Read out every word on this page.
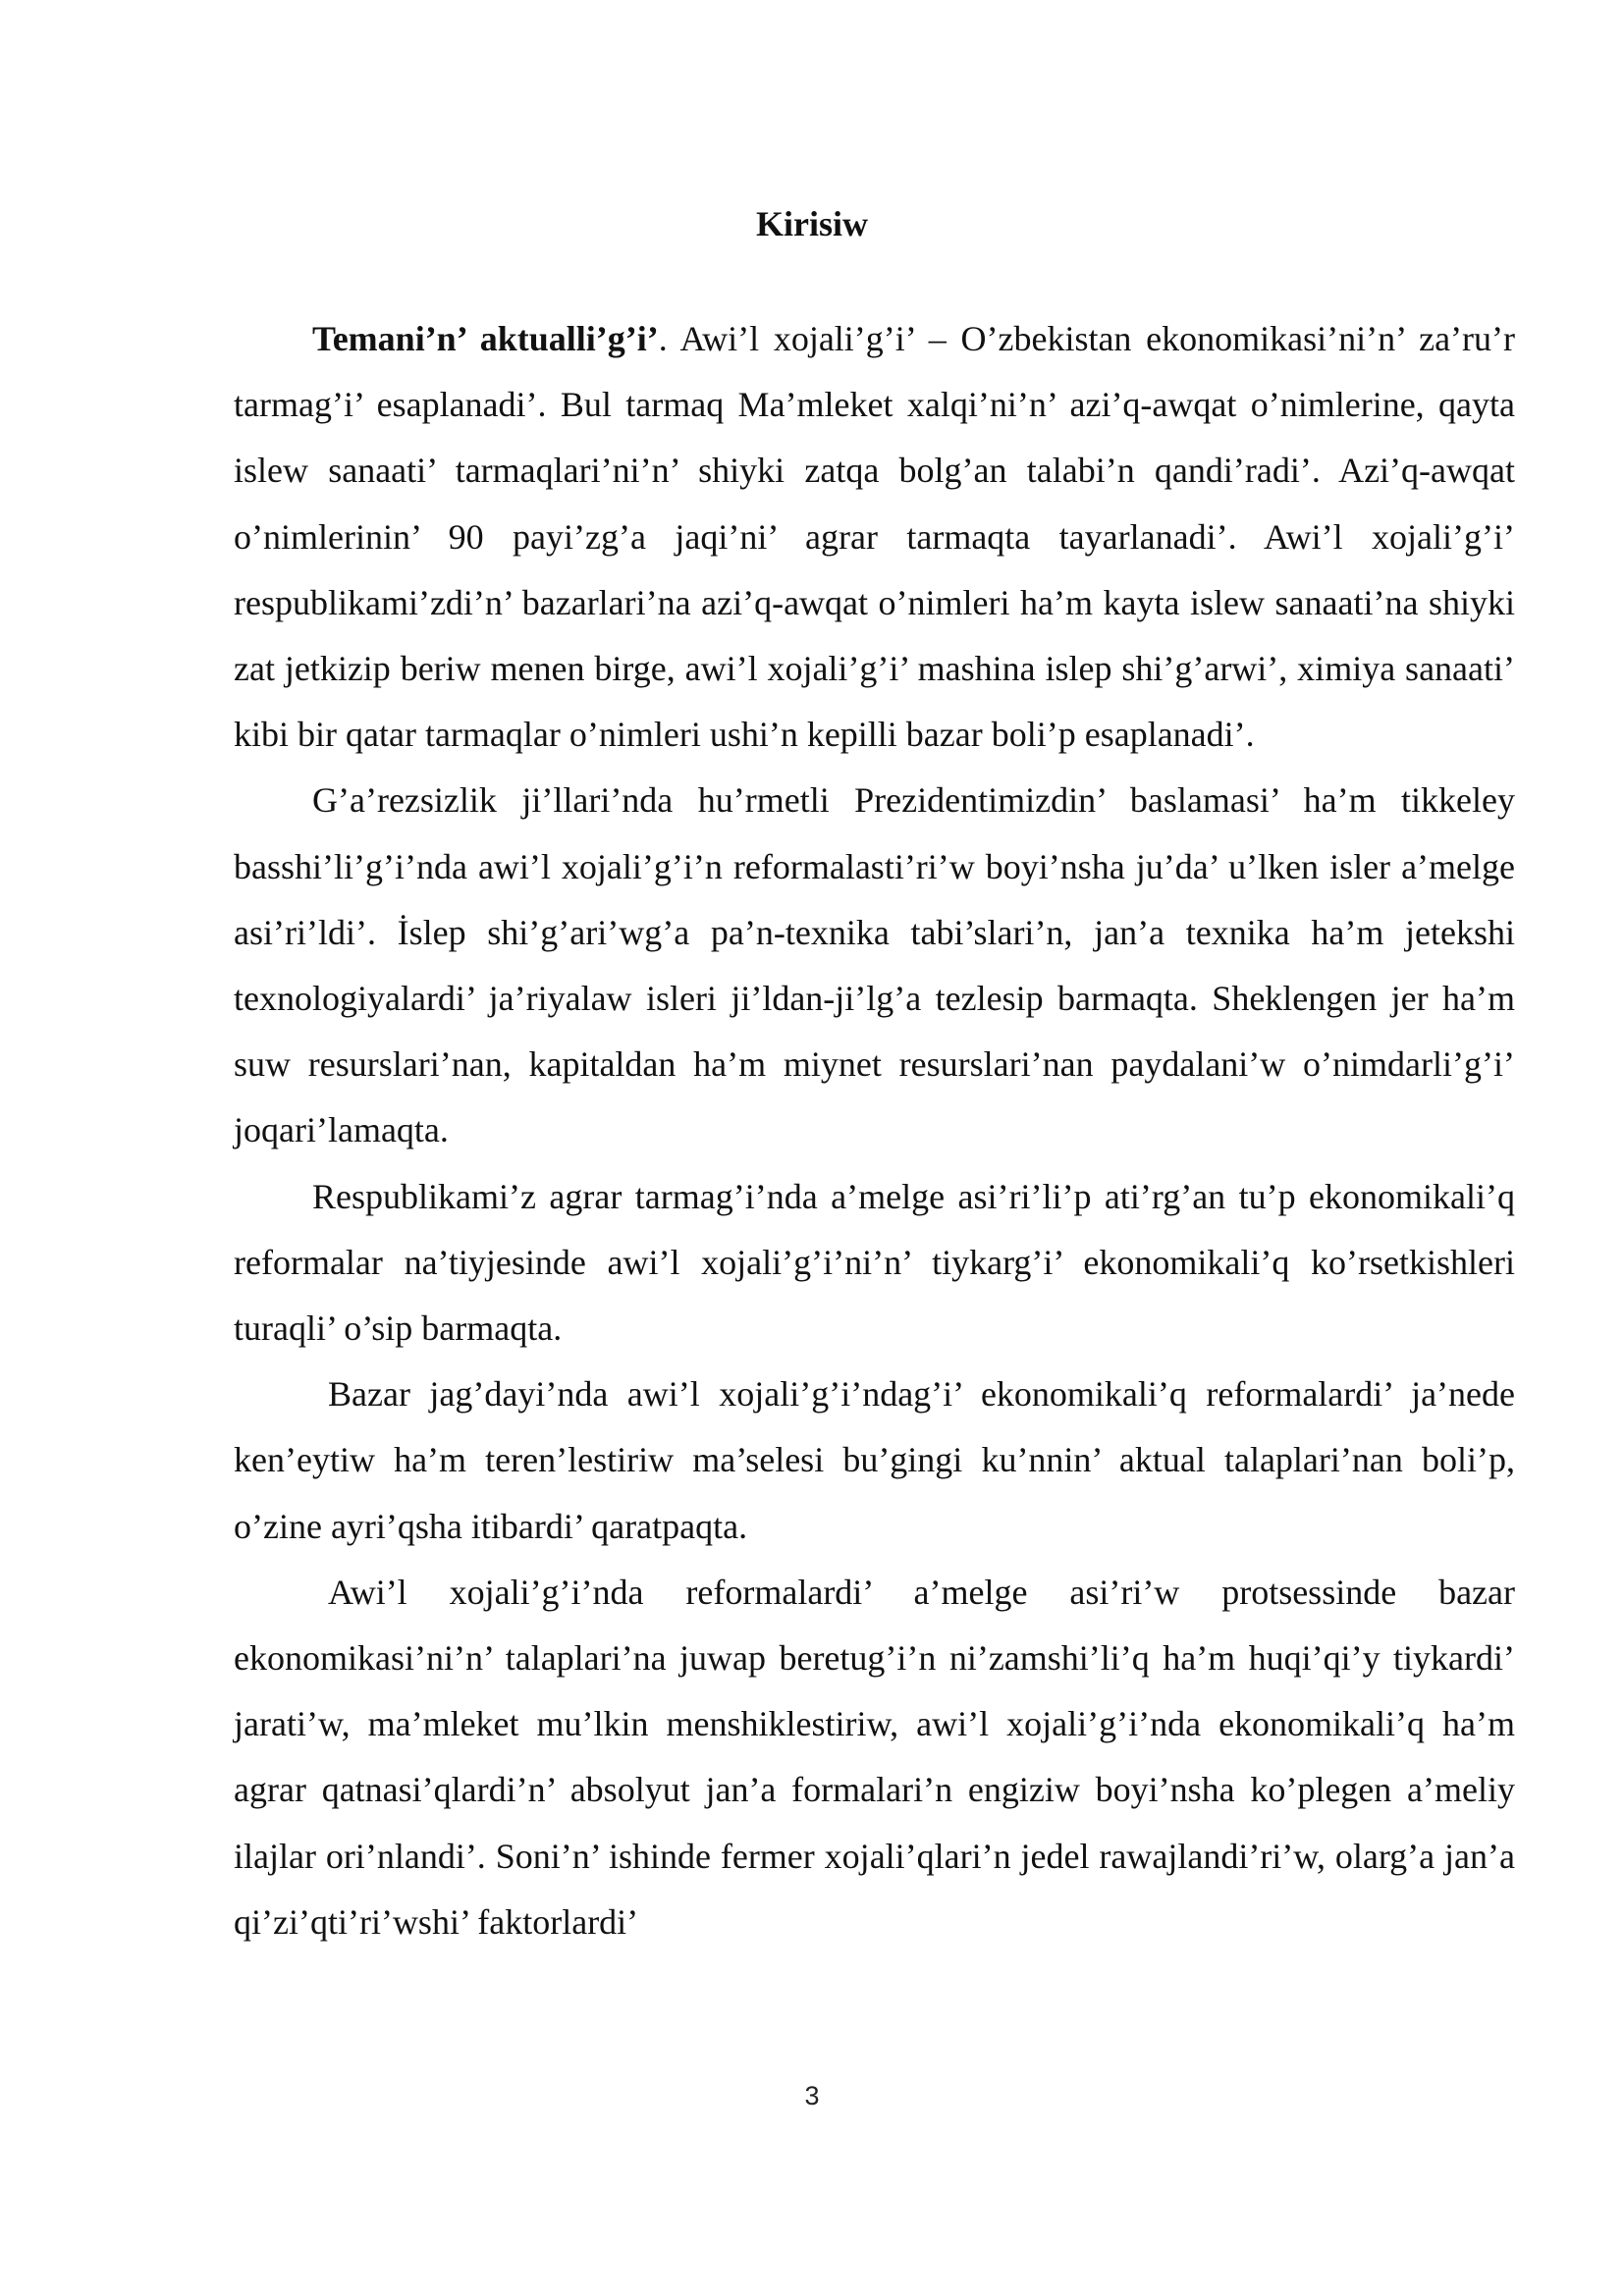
Kirisiw

Temani’n’ aktualli’g’i’. Awi’l xojali’g’i’ – O’zbekistan ekonomikasi’ni’n’ za’ru’r tarmag’i’ esaplanadi’. Bul tarmaq Ma’mleket xalqi’ni’n’ azi’q-awqat o’nimlerine, qayta islew sanaati’ tarmaqlari’ni’n’ shiyki zatqa bolg’an talabi’n qandi’radi’. Azi’q-awqat o’nimlerinin’ 90 payi’zg’a jaqi’ni’ agrar tarmaqta tayarlanadi’. Awi’l xojali’g’i’ respublikami’zdi’n’ bazarlari’na azi’q-awqat o’nimleri ha’m kayta islew sanaati’na shiyki zat jetkizip beriw menen birge, awi’l xojali’g’i’ mashina islep shi’g’arwi’, ximiya sanaati’ kibi bir qatar tarmaqlar o’nimleri ushi’n kepilli bazar boli’p esaplanadi’.

G’a’rezsizlik ji’llari’nda hu’rmetli Prezidentimizdin’ baslamasi’ ha’m tikkeley basshi’li’g’i’nda awi’l xojali’g’i’n reformalasti’ri’w boyi’nsha ju’da’ u’lken isler a’melge asi’ri’ldi’. İslep shi’g’ari’wg’a pa’n-texnika tabi’slari’n, jan’a texnika ha’m jetekshi texnologiyalardi’ ja’riyalaw isleri ji’ldan-ji’lg’a tezlesip barmaqta. Sheklengen jer ha’m suw resurslari’nan, kapitaldan ha’m miynet resurslari’nan paydalani’w o’nimdarli’g’i’ joqari’lamaqta.

Respublikami’z agrar tarmag’i’nda a’melge asi’ri’li’p ati’rg’an tu’p ekonomikali’q reformalar na’tiyjesinde awi’l xojali’g’i’ni’n’ tiykarg’i’ ekonomikali’q ko’rsetkishleri turaqli’ o’sip barmaqta.

Bazar jag’dayi’nda awi’l xojali’g’i’ndag’i’ ekonomikali’q reformalardi’ ja’nede ken’eytiw ha’m teren’lestiriw ma’selesi bu’gingi ku’nnin’ aktual talaplari’nan boli’p, o’zine ayri’qsha itibardi’ qaratpaqta.

Awi’l xojali’g’i’nda reformalardi’ a’melge asi’ri’w protsessinde bazar ekonomikasi’ni’n’ talaplari’na juwap beretug’i’n ni’zamshi’li’q ha’m huqi’qi’y tiykardi’ jarati’w, ma’mleket mu’lkin menshiklestiriw, awi’l xojali’g’i’nda ekonomikali’q ha’m agrar qatnasi’qlardi’n’ absolyut jan’a formalari’n engiziw boyi’nsha ko’plegen a’meliy ilajlar ori’nlandi’. Soni’n’ ishinde fermer xojali’qlari’n jedel rawajlandi’ri’w, olarg’a jan’a qi’zi’qti’ri’wshi’ faktorlardi’

3
